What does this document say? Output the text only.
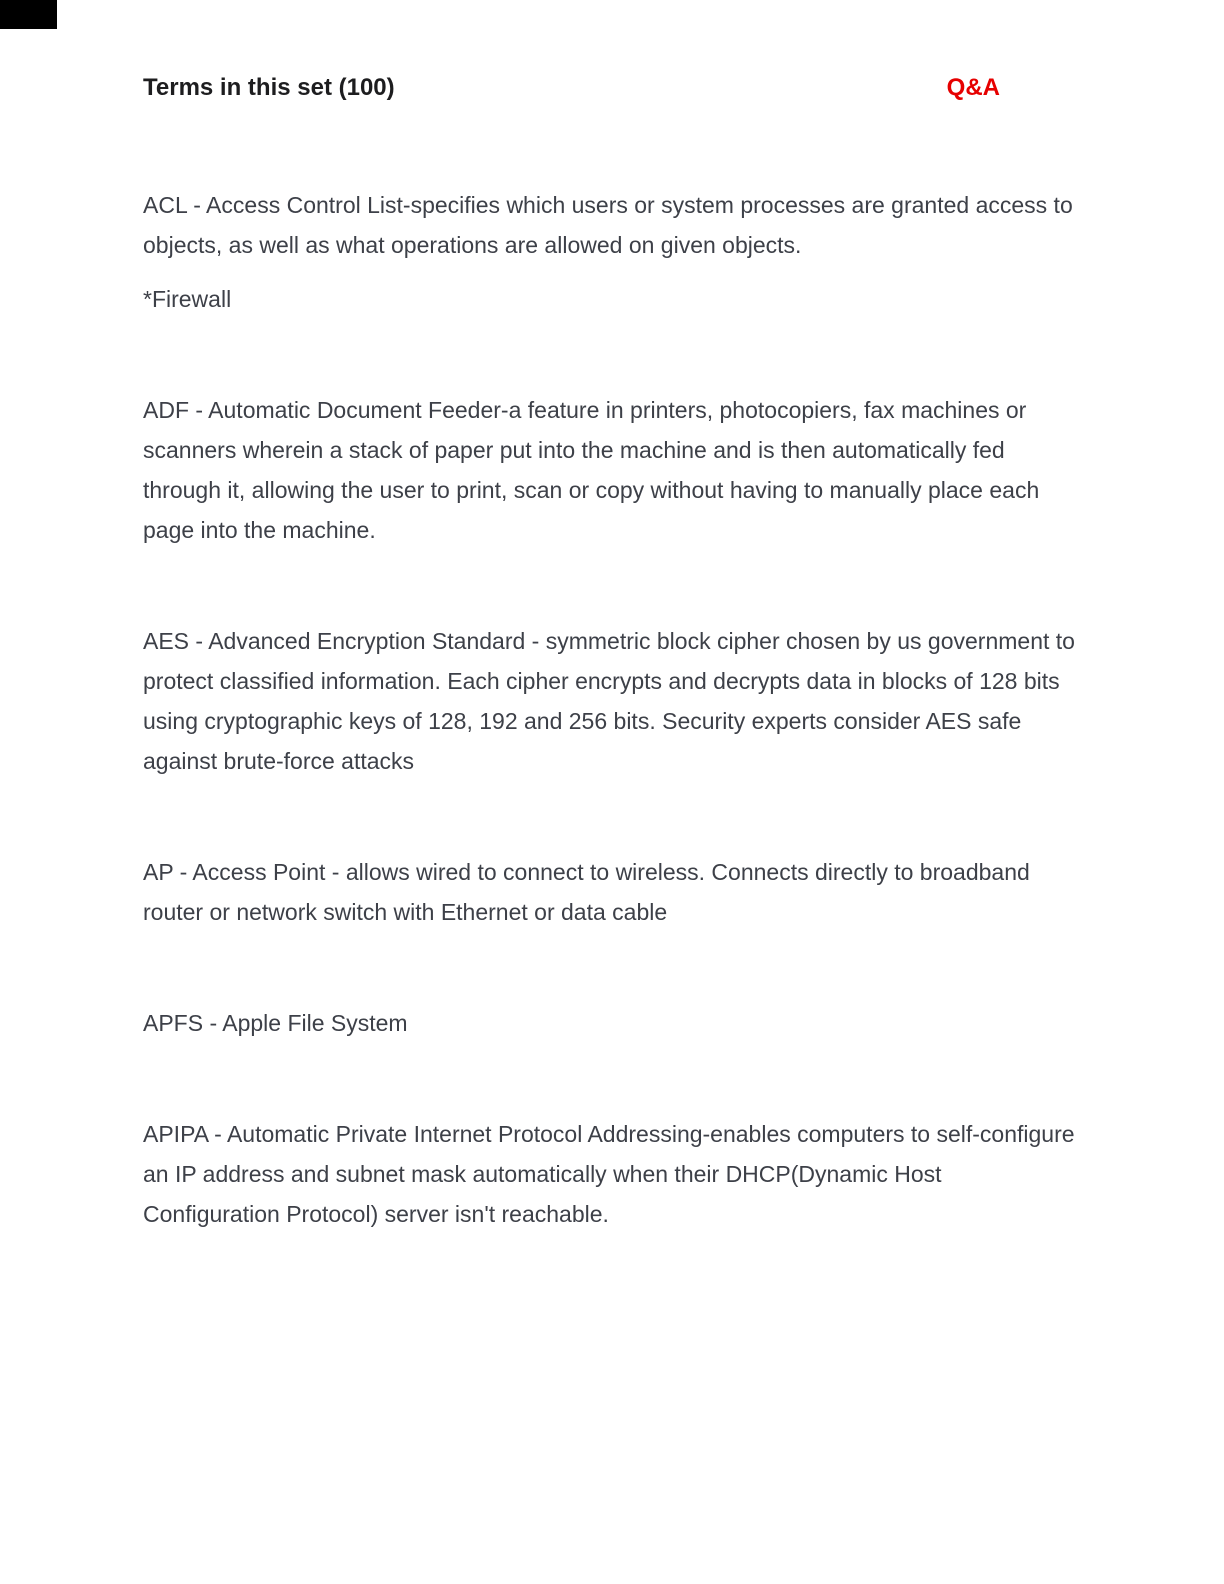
Terms in this set (100)	Q&A

ACL - Access Control List-specifies which users or system processes are granted access to objects, as well as what operations are allowed on given objects.

*Firewall

ADF - Automatic Document Feeder-a feature in printers, photocopiers, fax machines or scanners wherein a stack of paper put into the machine and is then automatically fed through it, allowing the user to print, scan or copy without having to manually place each page into the machine.

AES - Advanced Encryption Standard - symmetric block cipher chosen by us government to protect classified information. Each cipher encrypts and decrypts data in blocks of 128 bits using cryptographic keys of 128, 192 and 256 bits. Security experts consider AES safe against brute-force attacks

AP - Access Point - allows wired to connect to wireless. Connects directly to broadband router or network switch with Ethernet or data cable

APFS - Apple File System

APIPA - Automatic Private Internet Protocol Addressing-enables computers to self-configure an IP address and subnet mask automatically when their DHCP(Dynamic Host Configuration Protocol) server isn't reachable.
